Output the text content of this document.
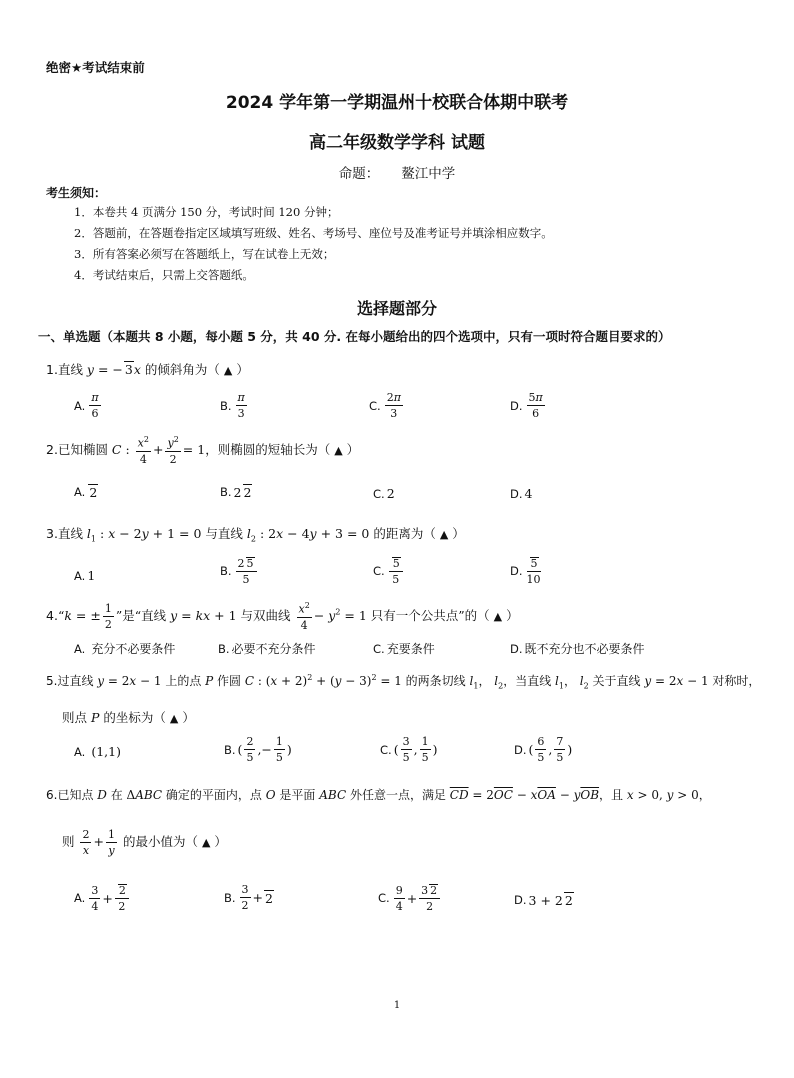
绝密★考试结束前
2024 学年第一学期温州十校联合体期中联考
高二年级数学学科 试题
命题： 鳌江中学
考生须知：
1．本卷共 4 页满分 150 分，考试时间 120 分钟；
2．答题前，在答题卷指定区域填写班级、姓名、考场号、座位号及准考证号并填涂相应数字。
3．所有答案必须写在答题纸上，写在试卷上无效；
4．考试结束后，只需上交答题纸。
选择题部分
一、单选题（本题共 8 小题，每小题 5 分，共 40 分. 在每小题给出的四个选项中，只有一项时符合题目要求的）
1.直线 y = − 3x 的倾斜角为（ ▲ ）
A. $\frac{\pi}{6}$	B. $\frac{\pi}{3}$	C. $\frac{2\pi}{3}$	D. $\frac{5\pi}{6}$
2.已知椭圆 C : $\frac{x^2}{4} + \frac{y^2}{2} = 1$，则椭圆的短轴长为（ ▲ ）
A. 2	B. 2 2	C. 2	D. 4
3.直线 $l_1$ : x − 2y + 1 = 0 与直线 $l_2$ : 2x − 4y + 3 = 0 的距离为（ ▲ ）
A. 1	B. $\frac{2 5}{5}$	C. $\frac{5}{5}$	D. $\frac{5}{10}$
4.“k = ± $\frac{1}{2}$ ”是“直线 y = kx + 1 与双曲线 $\frac{x^2}{4} - y^2 = 1$ 只有一个公共点”的（ ▲ ）
A. 充分不必要条件	B. 必要不充分条件	C. 充要条件	D. 既不充分也不必要条件
5.过直线 y = 2x − 1 上的点 P 作圆 C : $(x + 2)^2 + (y - 3)^2 = 1$ 的两条切线 $l_1$， $l_2$，当直线 $l_1$， $l_2$ 关于直线 y = 2x − 1 对称时，
则点 P 的坐标为（ ▲ ）
A. (1,1)	B. ( $\frac{2}{5}$ ,− $\frac{1}{5}$ )	C. ( $\frac{3}{5}$ , $\frac{1}{5}$ )	D. ( $\frac{6}{5}$ , $\frac{7}{5}$ )
6.已知点 D 在 ΔABC 确定的平面内，点 O 是平面 ABC 外任意一点，满足 $\overline{CD} = 2\overline{OC} - x\overline{OA} - y\overline{OB}$，且 x > 0, y > 0，
则 $\frac{2}{x} + \frac{1}{y}$ 的最小值为（ ▲ ）
A. $\frac{3}{4} + \frac{2}{2}$	B. $\frac{3}{2} + 2$	C. $\frac{9}{4} + \frac{3 2}{2}$	D. 3 + 2 2
1
